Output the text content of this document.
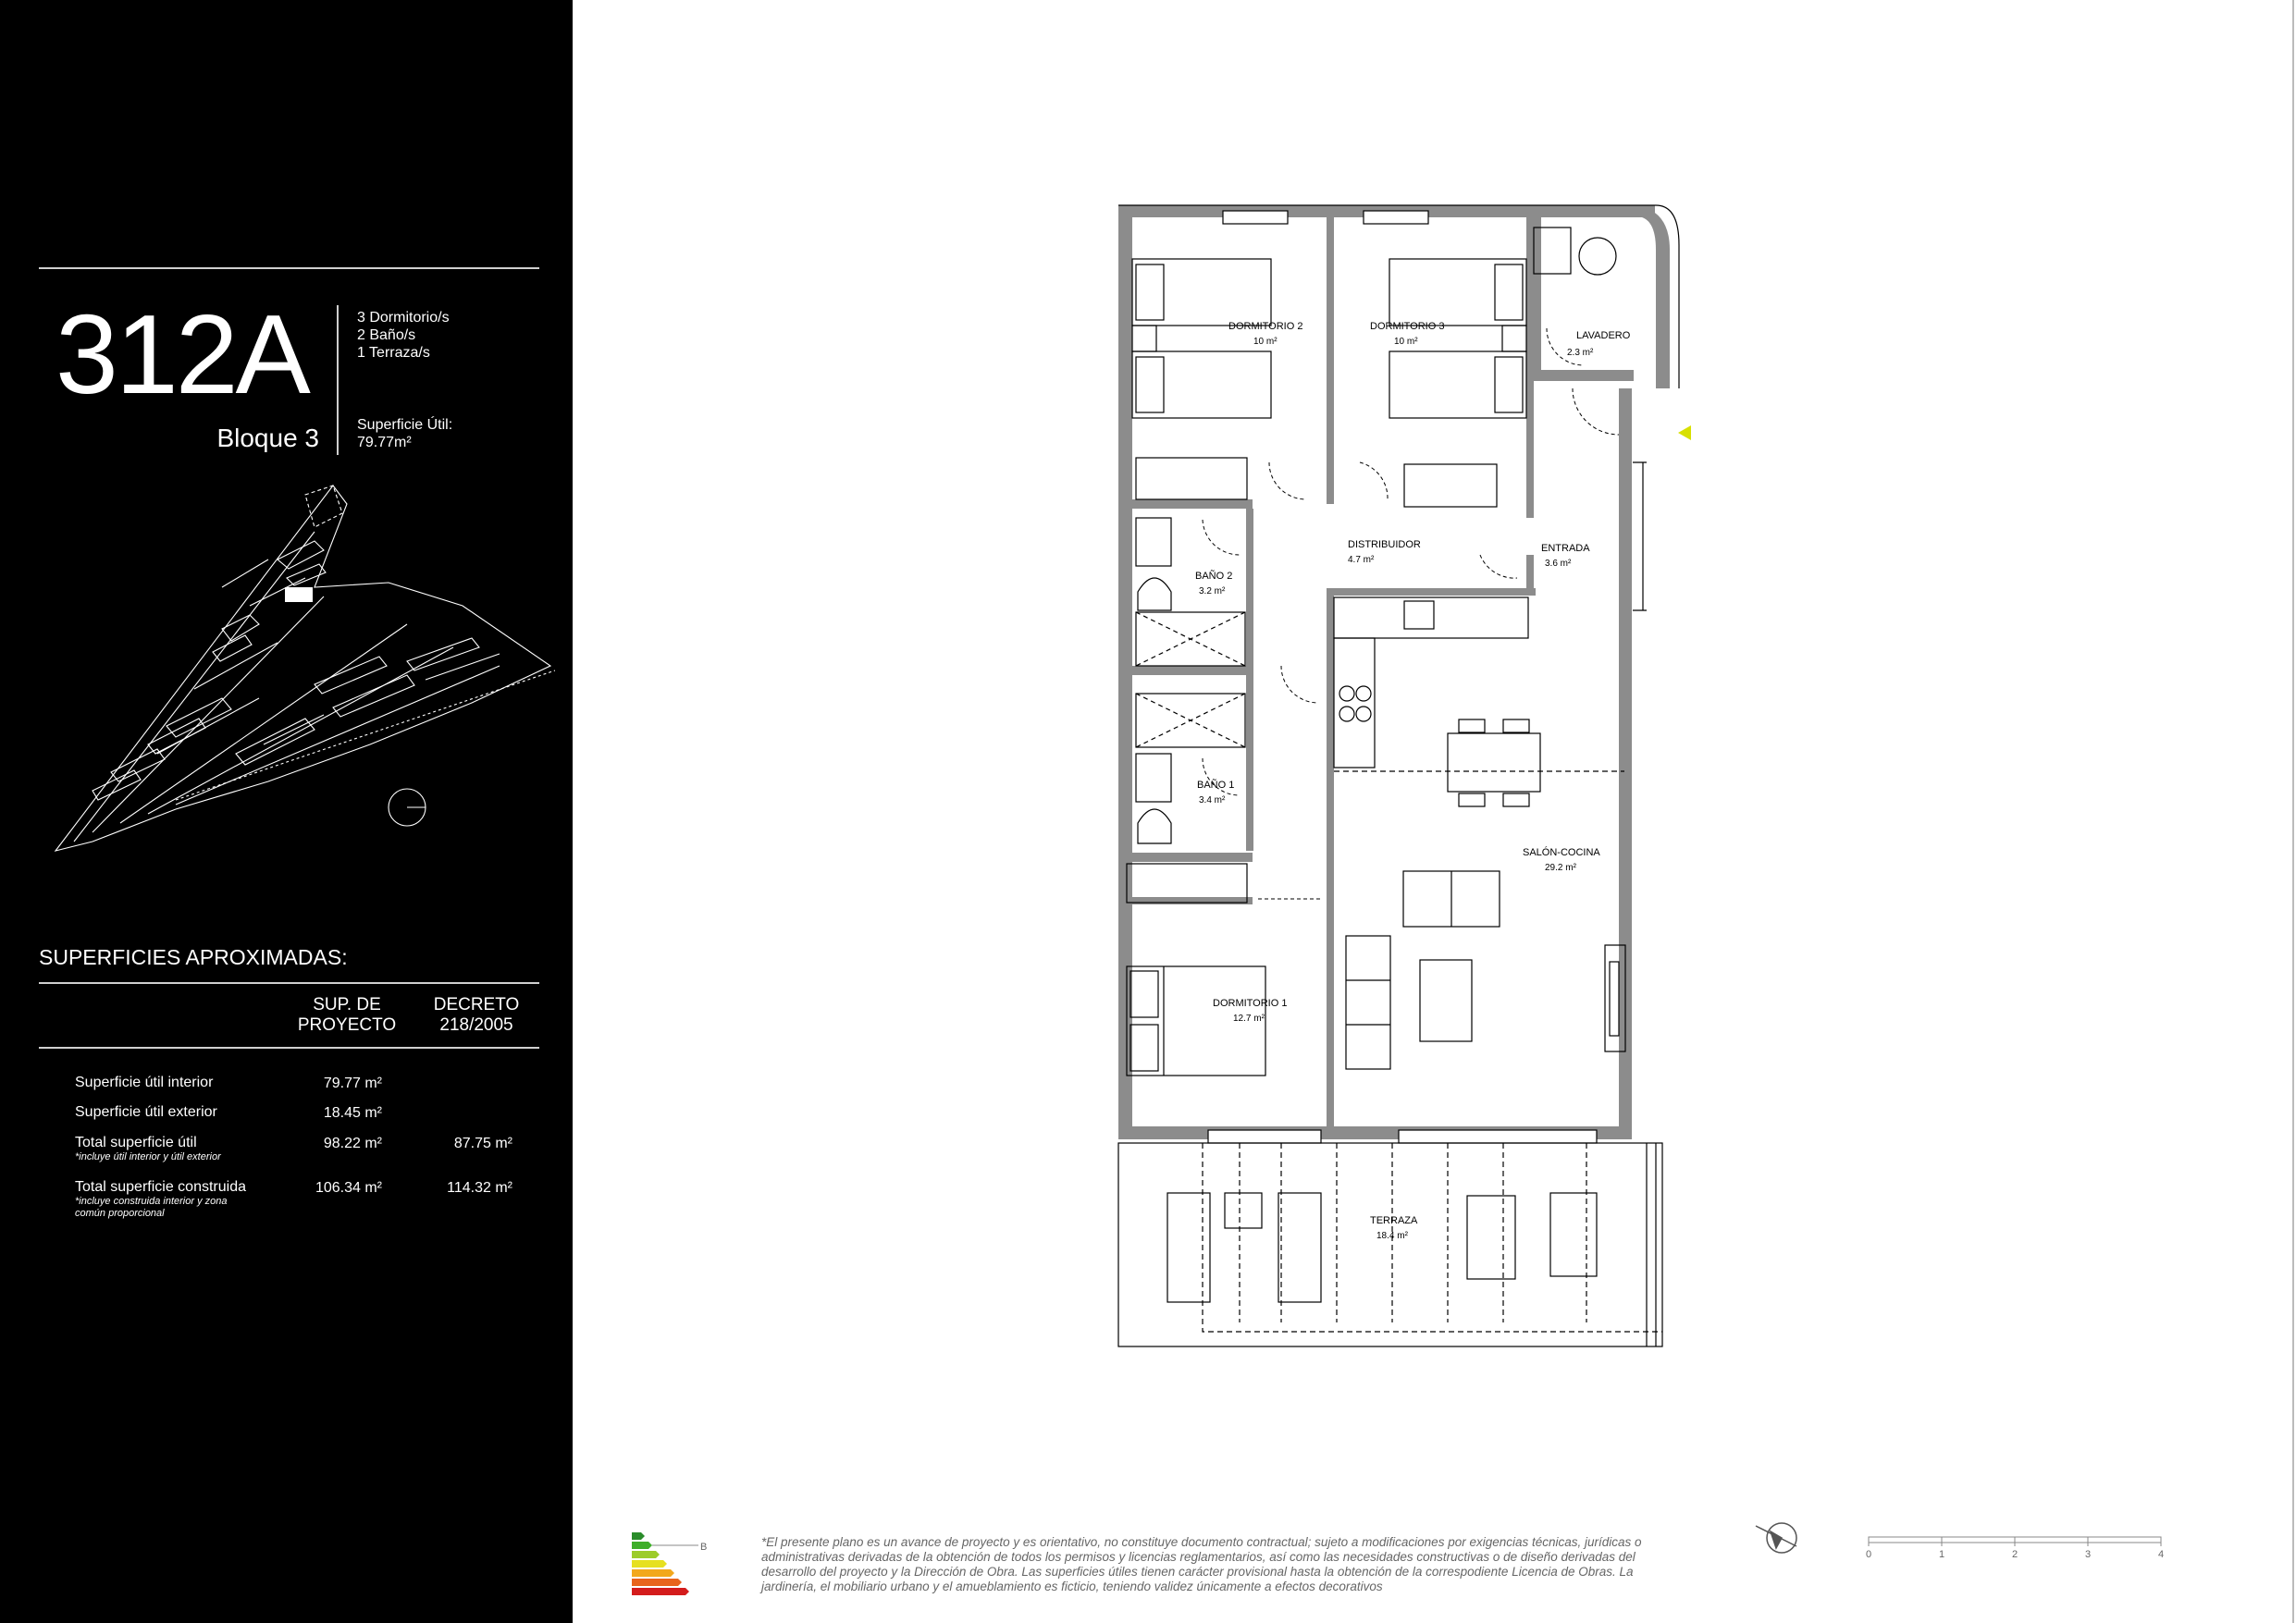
312A
Bloque 3
3 Dormitorio/s
2 Baño/s
1 Terraza/s
Superficie Útil:
79.77m²
SUPERFICIES APROXIMADAS:
SUP. DE
PROYECTO
DECRETO
218/2005
Superficie útil interior	79.77 m²
Superficie útil exterior	18.45 m²
Total superficie útil
*incluye útil interior y útil exterior
98.22 m²	87.75 m²
Total superficie construida
*incluye construida interior y zona común proporcional
106.34 m²	114.32 m²
DORMITORIO 2
10 m²
DORMITORIO 3
10 m²
LAVADERO
2.3 m²
DISTRIBUIDOR
4.7 m²
ENTRADA
3.6 m²
BAÑO 2
3.2 m²
BAÑO 1
3.4 m²
SALÓN-COCINA
29.2 m²
DORMITORIO 1
12.7 m²
TERRAZA
18.4 m²
B
0	1	2	3	4
*El presente plano es un avance de proyecto y es orientativo, no constituye documento contractual; sujeto a modificaciones por exigencias técnicas, jurídicas o administrativas derivadas de la obtención de todos los permisos y licencias reglamentarios, así como las necesidades constructivas o de diseño derivadas del desarrollo del proyecto y la Dirección de Obra. Las superficies útiles tienen carácter provisional hasta la obtención de la correspodiente Licencia de Obras. La jardinería, el mobiliario urbano y el amueblamiento es ficticio, teniendo validez únicamente a efectos decorativos
